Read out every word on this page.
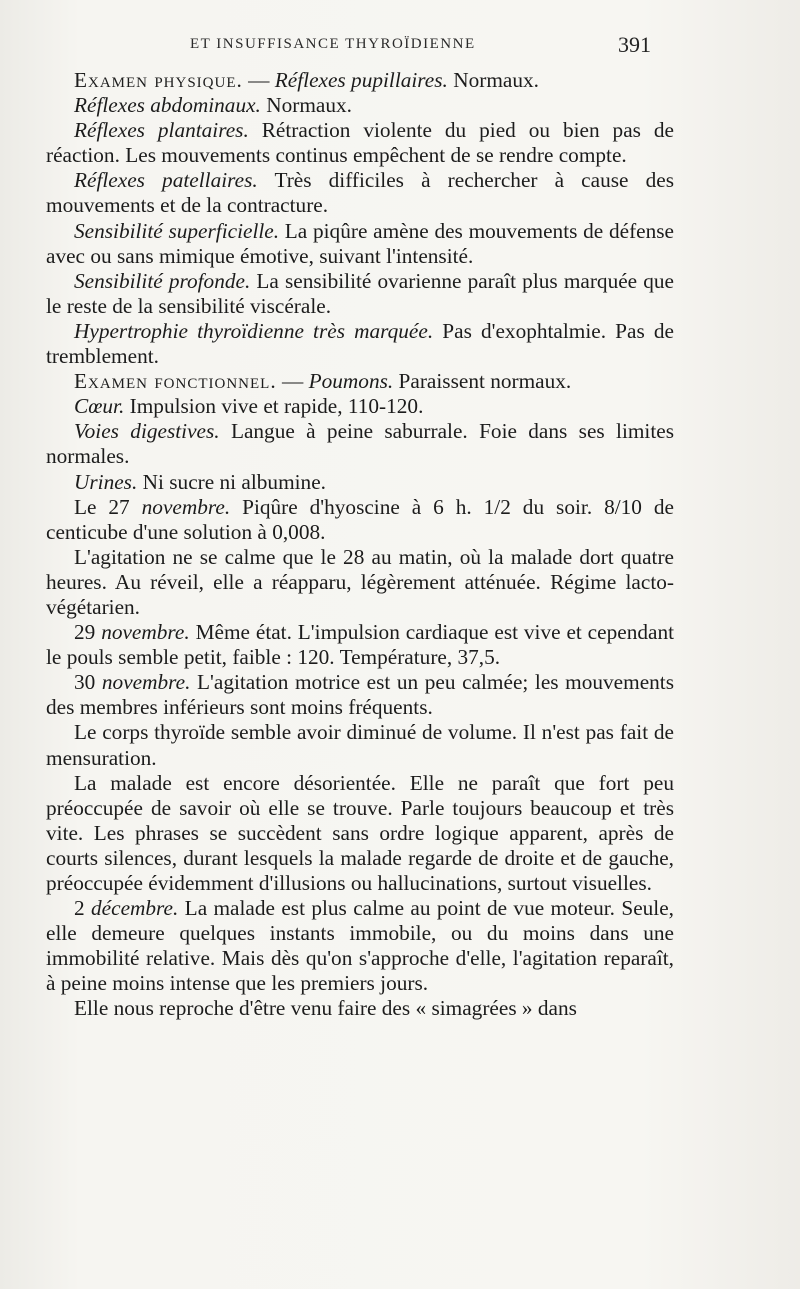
ET INSUFFISANCE THYROÏDIENNE	391

Examen physique. — Réflexes pupillaires. Normaux.

Réflexes abdominaux. Normaux.

Réflexes plantaires. Rétraction violente du pied ou bien pas de réaction. Les mouvements continus empêchent de se rendre compte.

Réflexes patellaires. Très difficiles à rechercher à cause des mouvements et de la contracture.

Sensibilité superficielle. La piqûre amène des mouvements de défense avec ou sans mimique émotive, suivant l'intensité.

Sensibilité profonde. La sensibilité ovarienne paraît plus marquée que le reste de la sensibilité viscérale.

Hypertrophie thyroïdienne très marquée. Pas d'exophtalmie. Pas de tremblement.

Examen fonctionnel. — Poumons. Paraissent normaux.

Cœur. Impulsion vive et rapide, 110-120.

Voies digestives. Langue à peine saburrale. Foie dans ses limites normales.

Urines. Ni sucre ni albumine.

Le 27 novembre. Piqûre d'hyoscine à 6 h. 1/2 du soir. 8/10 de centicube d'une solution à 0,008.

L'agitation ne se calme que le 28 au matin, où la malade dort quatre heures. Au réveil, elle a réapparu, légèrement atténuée. Régime lacto-végétarien.

29 novembre. Même état. L'impulsion cardiaque est vive et cependant le pouls semble petit, faible : 120. Température, 37,5.

30 novembre. L'agitation motrice est un peu calmée; les mouvements des membres inférieurs sont moins fréquents.

Le corps thyroïde semble avoir diminué de volume. Il n'est pas fait de mensuration.

La malade est encore désorientée. Elle ne paraît que fort peu préoccupée de savoir où elle se trouve. Parle toujours beaucoup et très vite. Les phrases se succèdent sans ordre logique apparent, après de courts silences, durant lesquels la malade regarde de droite et de gauche, préoccupée évidemment d'illusions ou hallucinations, surtout visuelles.

2 décembre. La malade est plus calme au point de vue moteur. Seule, elle demeure quelques instants immobile, ou du moins dans une immobilité relative. Mais dès qu'on s'approche d'elle, l'agitation reparaît, à peine moins intense que les premiers jours.

Elle nous reproche d'être venu faire des « simagrées » dans
